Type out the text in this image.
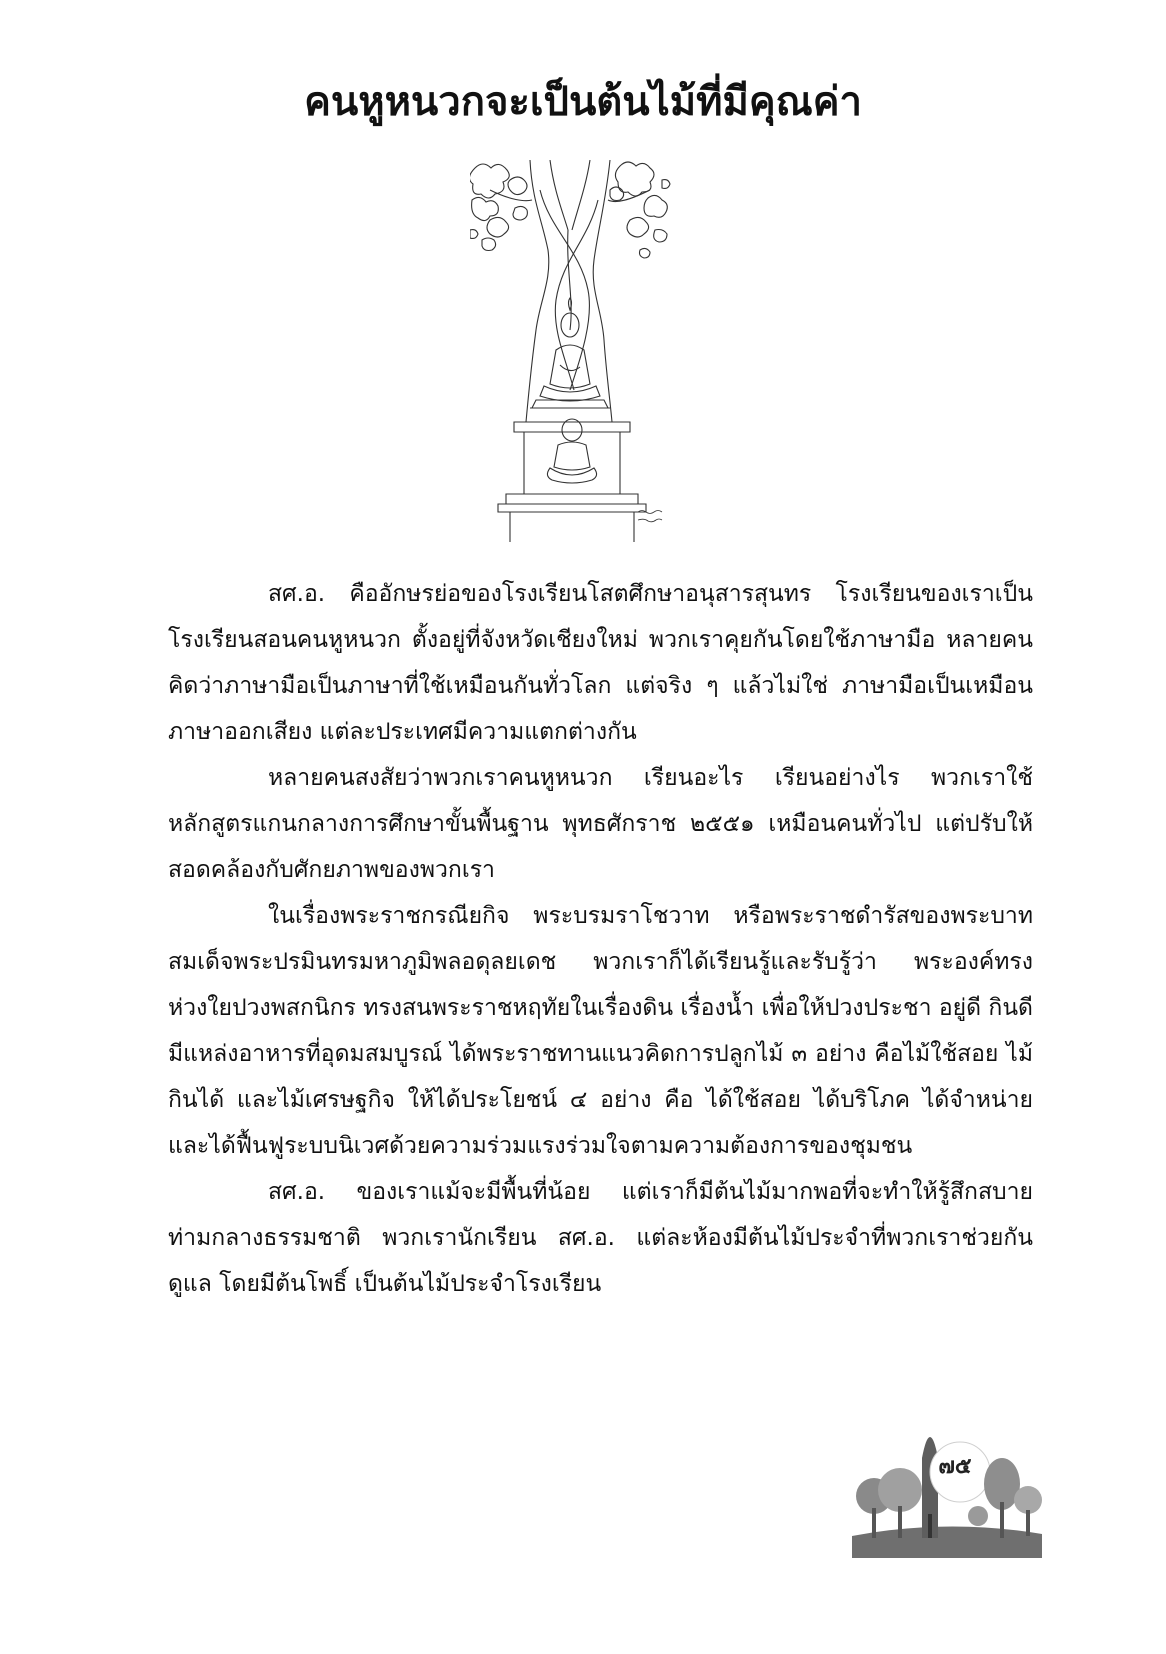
คนหูหนวกจะเป็นต้นไม้ที่มีคุณค่า

สศ.อ. คืออักษรย่อของโรงเรียนโสตศึกษาอนุสารสุนทร โรงเรียนของเราเป็นโรงเรียนสอนคนหูหนวก ตั้งอยู่ที่จังหวัดเชียงใหม่ พวกเราคุยกันโดยใช้ภาษามือ หลายคนคิดว่าภาษามือเป็นภาษาที่ใช้เหมือนกันทั่วโลก แต่จริง ๆ แล้วไม่ใช่ ภาษามือเป็นเหมือนภาษาออกเสียง แต่ละประเทศมีความแตกต่างกัน

หลายคนสงสัยว่าพวกเราคนหูหนวก เรียนอะไร เรียนอย่างไร พวกเราใช้หลักสูตรแกนกลางการศึกษาขั้นพื้นฐาน พุทธศักราช ๒๕๕๑ เหมือนคนทั่วไป แต่ปรับให้สอดคล้องกับศักยภาพของพวกเรา

ในเรื่องพระราชกรณียกิจ พระบรมราโชวาท หรือพระราชดำรัสของพระบาทสมเด็จพระปรมินทรมหาภูมิพลอดุลยเดช พวกเราก็ได้เรียนรู้และรับรู้ว่า พระองค์ทรงห่วงใยปวงพสกนิกร ทรงสนพระราชหฤทัยในเรื่องดิน เรื่องน้ำ เพื่อให้ปวงประชา อยู่ดี กินดี มีแหล่งอาหารที่อุดมสมบูรณ์ ได้พระราชทานแนวคิดการปลูกไม้ ๓ อย่าง คือไม้ใช้สอย ไม้กินได้ และไม้เศรษฐกิจ ให้ได้ประโยชน์ ๔ อย่าง คือ ได้ใช้สอย ได้บริโภค ได้จำหน่าย และได้ฟื้นฟูระบบนิเวศด้วยความร่วมแรงร่วมใจตามความต้องการของชุมชน

สศ.อ. ของเราแม้จะมีพื้นที่น้อย แต่เราก็มีต้นไม้มากพอที่จะทำให้รู้สึกสบายท่ามกลางธรรมชาติ พวกเรานักเรียน สศ.อ. แต่ละห้องมีต้นไม้ประจำที่พวกเราช่วยกันดูแล โดยมีต้นโพธิ์ เป็นต้นไม้ประจำโรงเรียน

๗๕
